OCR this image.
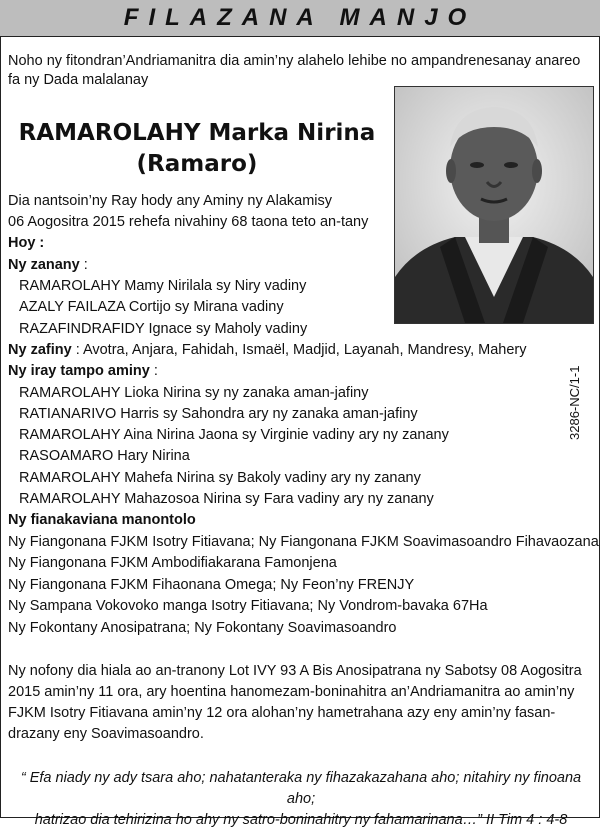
FILAZANA MANJO
Noho ny fitondran’Andriamanitra dia amin’ny alahelo lehibe no ampandrenesanay anareo fa ny Dada malalanay
RAMAROLAHY Marka Nirina
(Ramaro)
Dia nantsoin’ny Ray hody any Aminy ny Alakamisy
06 Aogositra 2015 rehefa nivahiny 68 taona teto an-tany
Hoy :
Ny zanany :
RAMAROLAHY Mamy Nirilala sy Niry vadiny
AZALY FAILAZA Cortijo sy Mirana vadiny
RAZAFINDRAFIDY Ignace sy Maholy vadiny
Ny zafiny : Avotra, Anjara, Fahidah, Ismaël, Madjid, Layanah, Mandresy, Mahery
Ny iray tampo aminy :
RAMAROLAHY Lioka Nirina sy ny zanaka aman-jafiny
RATIANARIVO Harris sy Sahondra ary ny zanaka aman-jafiny
RAMAROLAHY Aina Nirina Jaona sy Virginie vadiny ary ny zanany
RASOAMARO Hary Nirina
RAMAROLAHY Mahefa Nirina sy Bakoly vadiny ary ny zanany
RAMAROLAHY Mahazosoa Nirina sy Fara vadiny ary ny zanany
Ny fianakaviana manontolo
Ny Fiangonana FJKM Isotry Fitiavana; Ny Fiangonana FJKM Soavimasoandro Fihavaozana
Ny Fiangonana FJKM Ambodifiakarana Famonjena
Ny Fiangonana FJKM Fihaonana Omega; Ny Feon’ny FRENJY
Ny Sampana Vokovoko manga Isotry Fitiavana; Ny Vondrom-bavaka 67Ha
Ny Fokontany Anosipatrana; Ny Fokontany Soavimasoandro
3286-NC/1-1
Ny nofony dia hiala ao an-tranony Lot IVY 93 A Bis Anosipatrana ny Sabotsy 08 Aogositra 2015 amin’ny 11 ora, ary hoentina hanomezam-boninahitra an’Andriamanitra ao amin’ny FJKM Isotry Fitiavana amin’ny 12 ora alohan’ny hametrahana azy eny amin’ny fasan-drazany eny Soavimasoandro.
“ Efa niady ny ady tsara aho; nahatanteraka ny fihazakazahana aho; nitahiry ny finoana aho;
hatrizao dia tehirizina ho ahy ny satro-boninahitry ny fahamarinana…” II Tim 4 : 4-8
